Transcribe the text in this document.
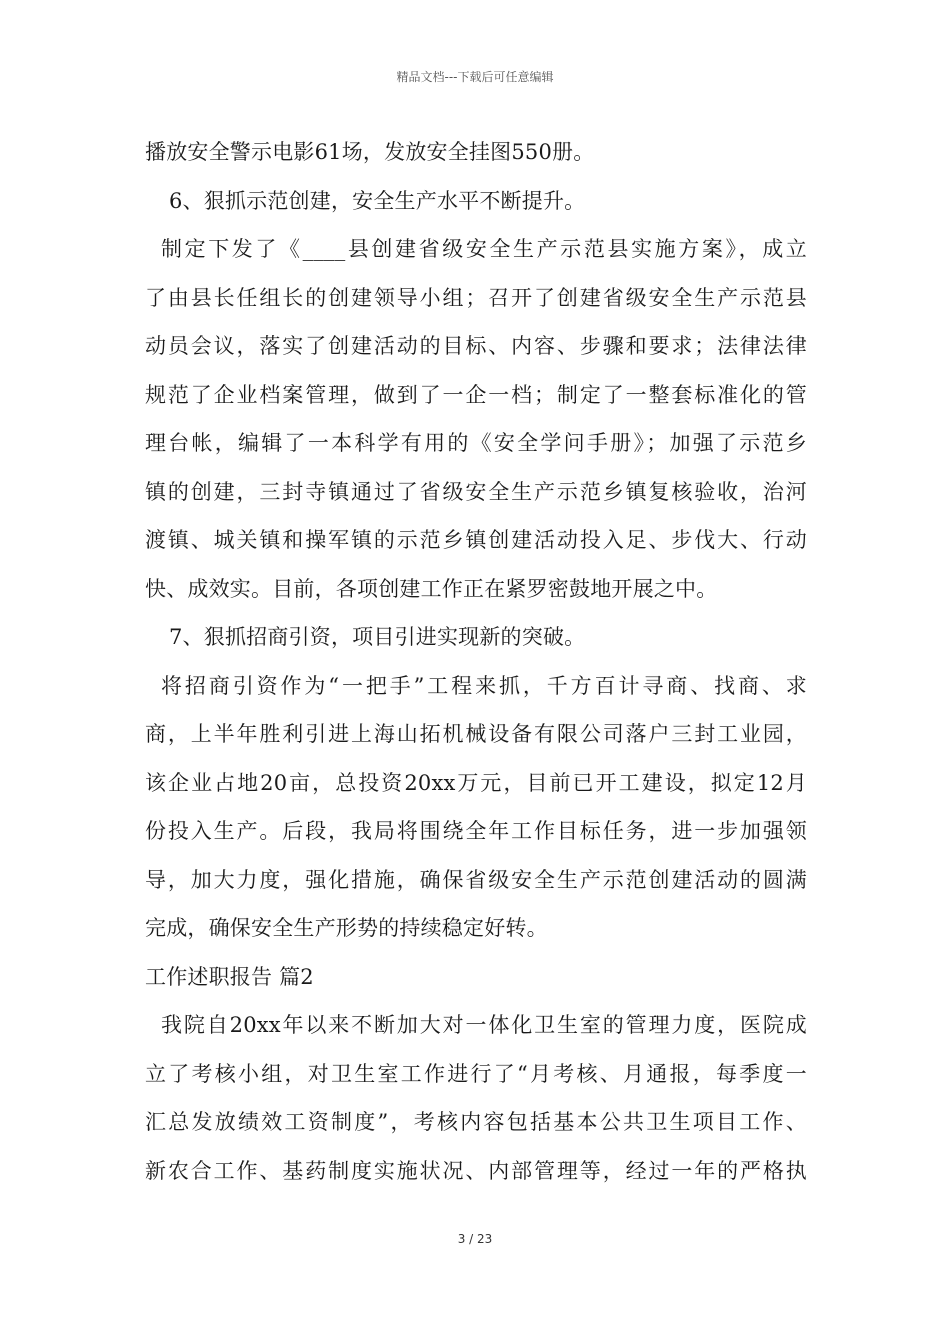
精品文档---下载后可任意编辑
播放安全警示电影61场，发放安全挂图550册。
6、狠抓示范创建，安全生产水平不断提升。
制定下发了《____县创建省级安全生产示范县实施方案》，成立
了由县长任组长的创建领导小组；召开了创建省级安全生产示范县
动员会议，落实了创建活动的目标、内容、步骤和要求；法律法律
规范了企业档案管理，做到了一企一档；制定了一整套标准化的管
理台帐，编辑了一本科学有用的《安全学问手册》；加强了示范乡
镇的创建，三封寺镇通过了省级安全生产示范乡镇复核验收，治河
渡镇、城关镇和操军镇的示范乡镇创建活动投入足、步伐大、行动
快、成效实。目前，各项创建工作正在紧罗密鼓地开展之中。
7、狠抓招商引资，项目引进实现新的突破。
将招商引资作为“一把手”工程来抓，千方百计寻商、找商、求
商，上半年胜利引进上海山拓机械设备有限公司落户三封工业园，
该企业占地20亩，总投资20xx万元，目前已开工建设，拟定12月
份投入生产。后段，我局将围绕全年工作目标任务，进一步加强领
导，加大力度，强化措施，确保省级安全生产示范创建活动的圆满
完成，确保安全生产形势的持续稳定好转。
工作述职报告 篇2
我院自20xx年以来不断加大对一体化卫生室的管理力度，医院成
立了考核小组，对卫生室工作进行了“月考核、月通报，每季度一
汇总发放绩效工资制度”，考核内容包括基本公共卫生项目工作、
新农合工作、基药制度实施状况、内部管理等，经过一年的严格执
3 / 23
